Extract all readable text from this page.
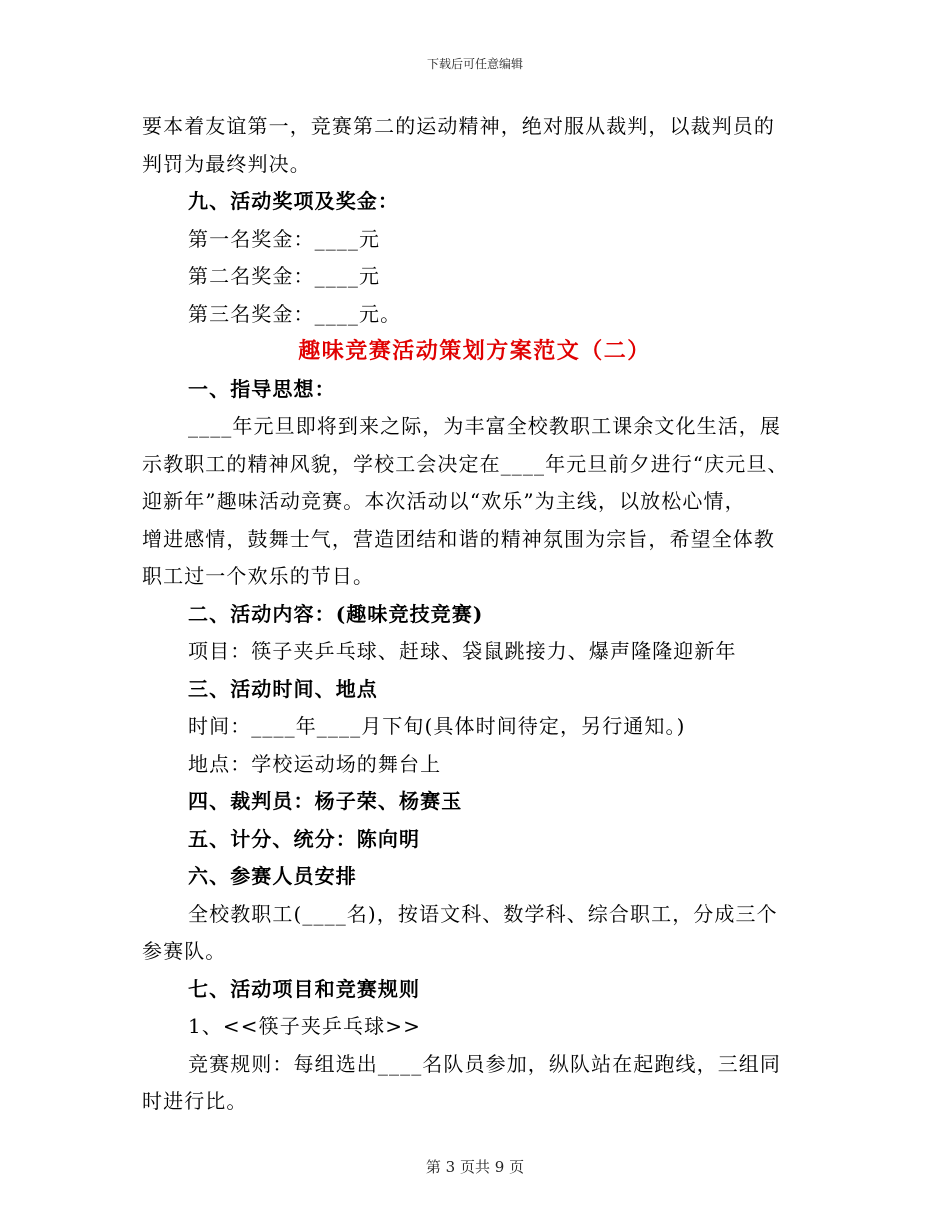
下载后可任意编辑
要本着友谊第一，竞赛第二的运动精神，绝对服从裁判，以裁判员的
判罚为最终判决。
九、活动奖项及奖金：
第一名奖金：____元
第二名奖金：____元
第三名奖金：____元。
趣味竞赛活动策划方案范文（二）
一、指导思想：
____年元旦即将到来之际，为丰富全校教职工课余文化生活，展
示教职工的精神风貌，学校工会决定在____年元旦前夕进行“庆元旦、
迎新年”趣味活动竞赛。本次活动以“欢乐”为主线，以放松心情，
增进感情，鼓舞士气，营造团结和谐的精神氛围为宗旨，希望全体教
职工过一个欢乐的节日。
二、活动内容：(趣味竞技竞赛)
项目：筷子夹乒乓球、赶球、袋鼠跳接力、爆声隆隆迎新年
三、活动时间、地点
时间：____年____月下旬(具体时间待定，另行通知。)
地点：学校运动场的舞台上
四、裁判员：杨子荣、杨赛玉
五、计分、统分：陈向明
六、参赛人员安排
全校教职工(____名)，按语文科、数学科、综合职工，分成三个
参赛队。
七、活动项目和竞赛规则
1、<<筷子夹乒乓球>>
竞赛规则：每组选出____名队员参加，纵队站在起跑线，三组同
时进行比。
第 3 页共 9 页
